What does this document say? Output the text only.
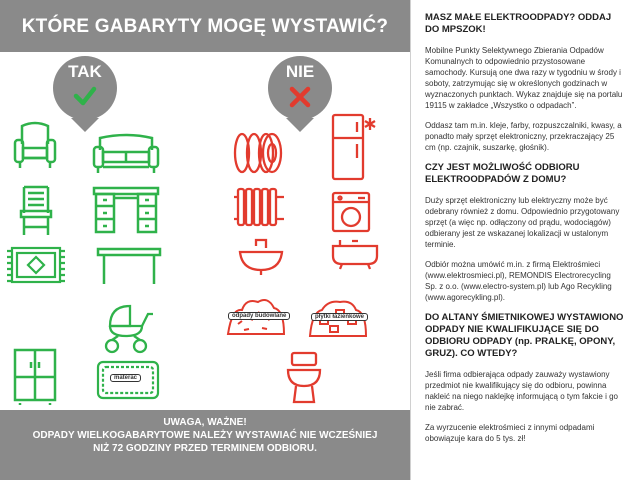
KTÓRE GABARYTY MOGĘ WYSTAWIĆ?
TAK	NIE
materac
odpady budowlane	płytki łazienkowe
UWAGA, WAŻNE!
ODPADY WIELKOGABARYTOWE NALEŻY WYSTAWIAĆ NIE WCZEŚNIEJ
NIŻ 72 GODZINY PRZED TERMINEM ODBIORU.
MASZ MAŁE ELEKTROODPADY? ODDAJ DO MPSZOK!
Mobilne Punkty Selektywnego Zbierania Odpadów Komunalnych to odpowiednio przystosowane samochody. Kursują one dwa razy w tygodniu w środy i soboty, zatrzymując się w określonych godzinach w wyznaczonych punktach. Wykaz znajduje się na portalu 19115 w zakładce „Wszystko o odpadach”.
Oddasz tam m.in. kleje, farby, rozpuszczalniki, kwasy, a ponadto mały sprzęt elektroniczny, przekraczający 25 cm (np. czajnik, suszarkę, głośnik).
CZY JEST MOŻLIWOŚĆ ODBIORU ELEKTROODPADÓW Z DOMU?
Duży sprzęt elektroniczny lub elektryczny może być odebrany również z domu. Odpowiednio przygotowany sprzęt (a więc np. odłączony od prądu, wodociągów) odbierany jest ze wskazanej lokalizacji w ustalonym terminie.
Odbiór można umówić m.in. z firmą Elektrośmieci (www.elektrosmieci.pl), REMONDIS Electrorecycling Sp. z o.o. (www.electro-system.pl) lub Ago Recykling (www.agorecykling.pl).
DO ALTANY ŚMIETNIKOWEJ WYSTAWIONO ODPADY NIE KWALIFIKUJĄCE SIĘ DO ODBIORU ODPADY (np. PRALKĘ, OPONY, GRUZ). CO WTEDY?
Jeśli firma odbierająca odpady zauważy wystawiony przedmiot nie kwalifikujący się do odbioru, powinna nakleić na niego naklejkę informującą o tym fakcie i go nie zabrać.
Za wyrzucenie elektrośmieci z innymi odpadami obowiązuje kara do 5 tys. zł!
